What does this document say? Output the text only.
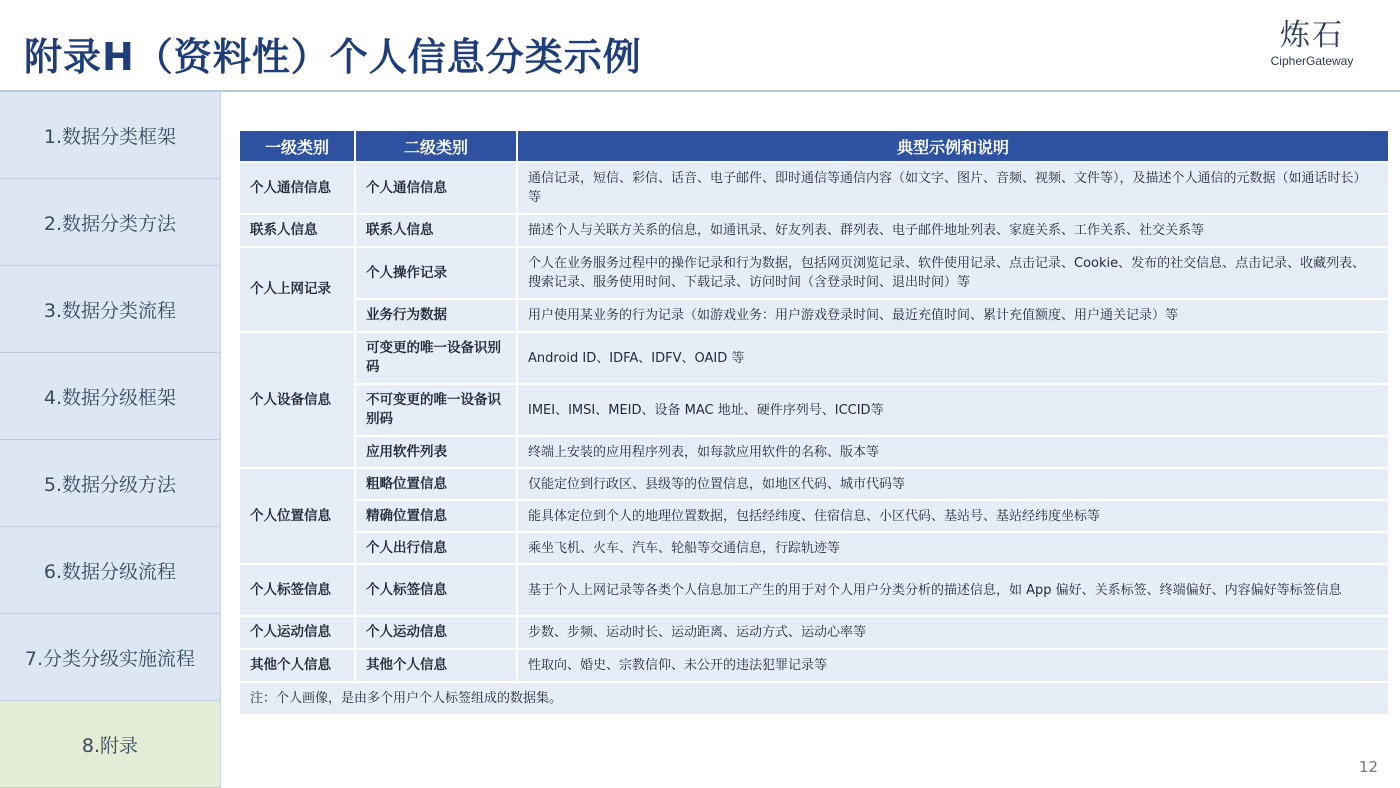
附录H（资料性）个人信息分类示例	炼石
CipherGateway
1.数据分类框架
2.数据分类方法
3.数据分类流程
4.数据分级框架
5.数据分级方法
6.数据分级流程
7.分类分级实施流程
8.附录
一级类别	二级类别	典型示例和说明
个人通信信息	个人通信信息	通信记录，短信、彩信、话音、电子邮件、即时通信等通信内容（如文字、图片、音频、视频、文件等），及描述个人通信的元数据（如通话时长）等
联系人信息	联系人信息	描述个人与关联方关系的信息，如通讯录、好友列表、群列表、电子邮件地址列表、家庭关系、工作关系、社交关系等
个人上网记录	个人操作记录	个人在业务服务过程中的操作记录和行为数据，包括网页浏览记录、软件使用记录、点击记录、Cookie、发布的社交信息、点击记录、收藏列表、搜索记录、服务使用时间、下载记录、访问时间（含登录时间、退出时间）等
	业务行为数据	用户使用某业务的行为记录（如游戏业务：用户游戏登录时间、最近充值时间、累计充值额度、用户通关记录）等
个人设备信息	可变更的唯一设备识别码	Android ID、IDFA、IDFV、OAID 等
	不可变更的唯一设备识别码	IMEI、IMSI、MEID、设备 MAC 地址、硬件序列号、ICCID等
	应用软件列表	终端上安装的应用程序列表，如每款应用软件的名称、版本等
个人位置信息	粗略位置信息	仅能定位到行政区、县级等的位置信息，如地区代码、城市代码等
	精确位置信息	能具体定位到个人的地理位置数据，包括经纬度、住宿信息、小区代码、基站号、基站经纬度坐标等
	个人出行信息	乘坐飞机、火车、汽车、轮船等交通信息，行踪轨迹等
个人标签信息	个人标签信息	基于个人上网记录等各类个人信息加工产生的用于对个人用户分类分析的描述信息，如 App 偏好、关系标签、终端偏好、内容偏好等标签信息
个人运动信息	个人运动信息	步数、步频、运动时长、运动距离、运动方式、运动心率等
其他个人信息	其他个人信息	性取向、婚史、宗教信仰、未公开的违法犯罪记录等
注：个人画像，是由多个用户个人标签组成的数据集。		
12
